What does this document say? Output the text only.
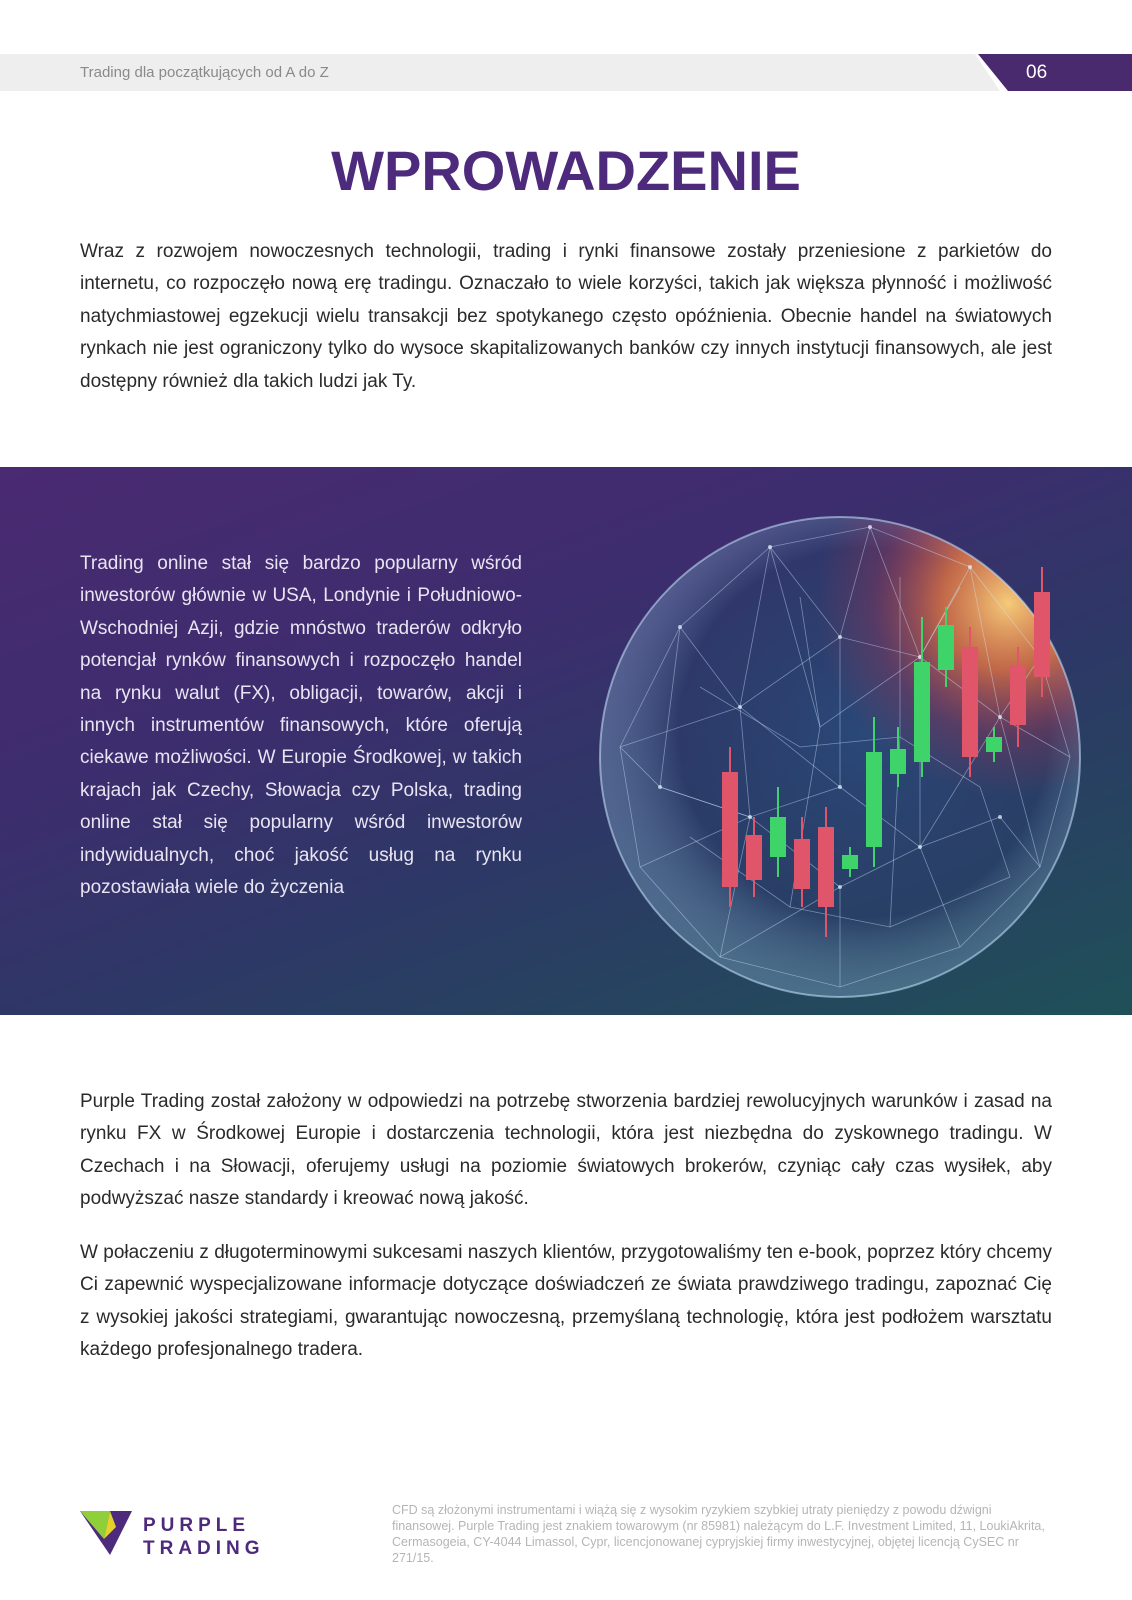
Trading dla początkujących od A do Z	06
WPROWADZENIE

Wraz z rozwojem nowoczesnych technologii, trading i rynki finansowe zostały przeniesione z parkietów do internetu, co rozpoczęło nową erę tradingu. Oznaczało to wiele korzyści, takich jak większa płynność i możliwość natychmiastowej egzekucji wielu transakcji bez spotykanego często opóźnienia. Obecnie handel na światowych rynkach nie jest ograniczony tylko do wysoce skapitalizowanych banków czy innych instytucji finansowych, ale jest dostępny również dla takich ludzi jak Ty.

Trading online stał się bardzo popularny wśród inwestorów głównie w USA, Londynie i Południowo-Wschodniej Azji, gdzie mnóstwo traderów odkryło potencjał rynków finansowych i rozpoczęło handel na rynku walut (FX), obligacji, towarów, akcji i innych instrumentów finansowych, które oferują ciekawe możliwości. W Europie Środkowej, w takich krajach jak Czechy, Słowacja czy Polska, trading online stał się popularny wśród inwestorów indywidualnych, choć jakość usług na rynku pozostawiała wiele do życzenia

Purple Trading został założony w odpowiedzi na potrzebę stworzenia bardziej rewolucyjnych warunków i zasad na rynku FX w Środkowej Europie i dostarczenia technologii, która jest niezbędna do zyskownego tradingu. W Czechach i na Słowacji, oferujemy usługi na poziomie światowych brokerów, czyniąc cały czas wysiłek, aby podwyższać nasze standardy i kreować nową jakość.

W połaczeniu z długoterminowymi sukcesami naszych klientów, przygotowaliśmy ten e-book, poprzez który chcemy Ci zapewnić wyspecjalizowane informacje dotyczące doświadczeń ze świata prawdziwego tradingu, zapoznać Cię z wysokiej jakości strategiami, gwarantując nowoczesną, przemyślaną technologię, która jest podłożem warsztatu każdego profesjonalnego tradera.

PURPLE
TRADING

CFD są złożonymi instrumentami i wiążą się z wysokim ryzykiem szybkiej utraty pieniędzy z powodu dźwigni finansowej. Purple Trading jest znakiem towarowym (nr 85981) należącym do L.F. Investment Limited, 11, LoukiAkrita, Cermasogeia, CY-4044 Limassol, Cypr, licencjonowanej cypryjskiej firmy inwestycyjnej, objętej licencją CySEC nr 271/15.
